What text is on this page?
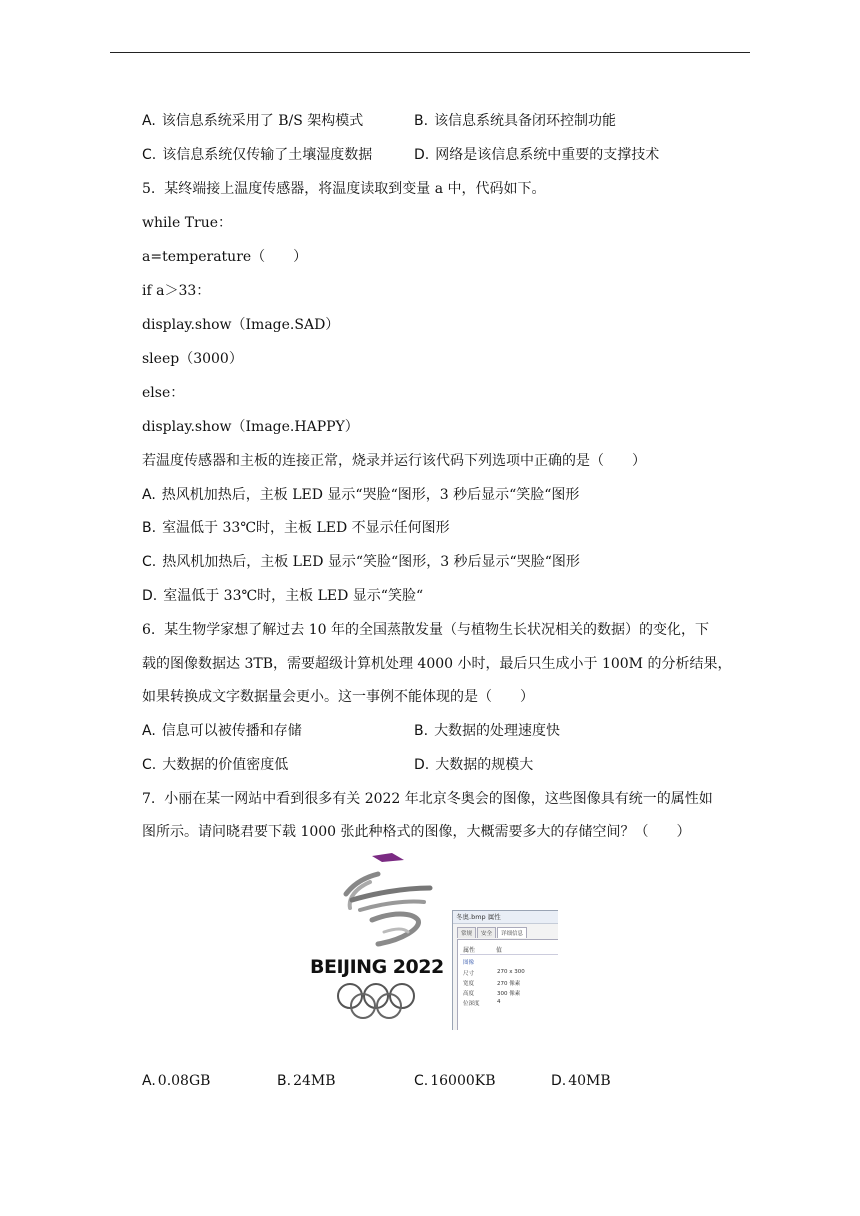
A. 该信息系统采用了 B/S 架构模式	B. 该信息系统具备闭环控制功能
C. 该信息系统仅传输了土壤湿度数据	D. 网络是该信息系统中重要的支撑技术
5.  某终端接上温度传感器，将温度读取到变量 a 中，代码如下。
while True：
a=temperature（　　）
if a＞33：
display.show（Image.SAD）
sleep（3000）
else：
display.show（Image.HAPPY）
若温度传感器和主板的连接正常，烧录并运行该代码下列选项中正确的是（　　）
A. 热风机加热后，主板 LED 显示“哭脸“图形，3 秒后显示“笑脸“图形
B. 室温低于 33℃时，主板 LED 不显示任何图形
C. 热风机加热后，主板 LED 显示“笑脸“图形，3 秒后显示“哭脸“图形
D. 室温低于 33℃时，主板 LED 显示“笑脸“
6.  某生物学家想了解过去 10 年的全国蒸散发量（与植物生长状况相关的数据）的变化，下
载的图像数据达 3TB，需要超级计算机处理 4000 小时，最后只生成小于 100M 的分析结果，
如果转换成文字数据量会更小。这一事例不能体现的是（　　）
A. 信息可以被传播和存储	B. 大数据的处理速度快
C. 大数据的价值密度低	D. 大数据的规模大
7.  小丽在某一网站中看到很多有关 2022 年北京冬奥会的图像，这些图像具有统一的属性如
图所示。请问晓君要下载 1000 张此种格式的图像，大概需要多大的存储空间？（　　）
BEIJING 2022
冬奥.bmp 属性
常规	安全	详细信息
属性	值
图像
尺寸	270 x 300
宽度	270 像素
高度	300 像素
位深度	4
A. 0.08GB	B. 24MB	C. 16000KB	D. 40MB
